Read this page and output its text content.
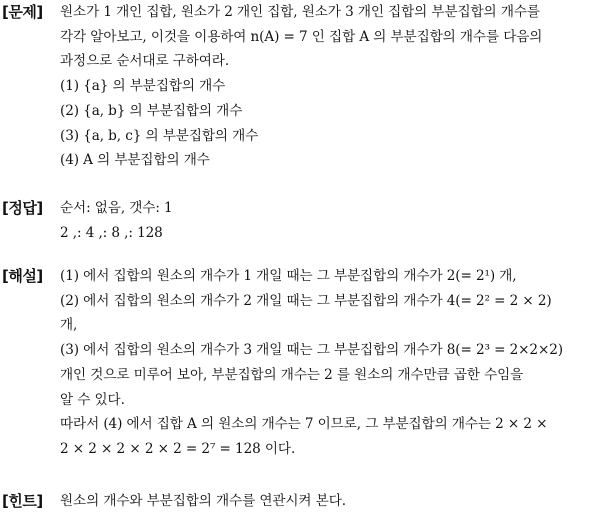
[문제] 원소가 1 개인 집합, 원소가 2 개인 집합, 원소가 3 개인 집합의 부분집합의 개수를
각각 알아보고, 이것을 이용하여 n(A) = 7 인 집합 A 의 부분집합의 개수를 다음의
과정으로 순서대로 구하여라.
(1) {a} 의 부분집합의 개수
(2) {a, b} 의 부분집합의 개수
(3) {a, b, c} 의 부분집합의 개수
(4) A 의 부분집합의 개수
[정답] 순서: 없음, 갯수: 1
2 ,: 4 ,: 8 ,: 128
[해설] (1) 에서 집합의 원소의 개수가 1 개일 때는 그 부분집합의 개수가 2(= 2¹) 개,
(2) 에서 집합의 원소의 개수가 2 개일 때는 그 부분집합의 개수가 4(= 2² = 2 × 2)
개,
(3) 에서 집합의 원소의 개수가 3 개일 때는 그 부분집합의 개수가 8(= 2³ = 2×2×2)
개인 것으로 미루어 보아, 부분집합의 개수는 2 를 원소의 개수만큼 곱한 수임을
알 수 있다.
따라서 (4) 에서 집합 A 의 원소의 개수는 7 이므로, 그 부분집합의 개수는 2 × 2 ×
2 × 2 × 2 × 2 × 2 = 2⁷ = 128 이다.
[힌트] 원소의 개수와 부분집합의 개수를 연관시켜 본다.
